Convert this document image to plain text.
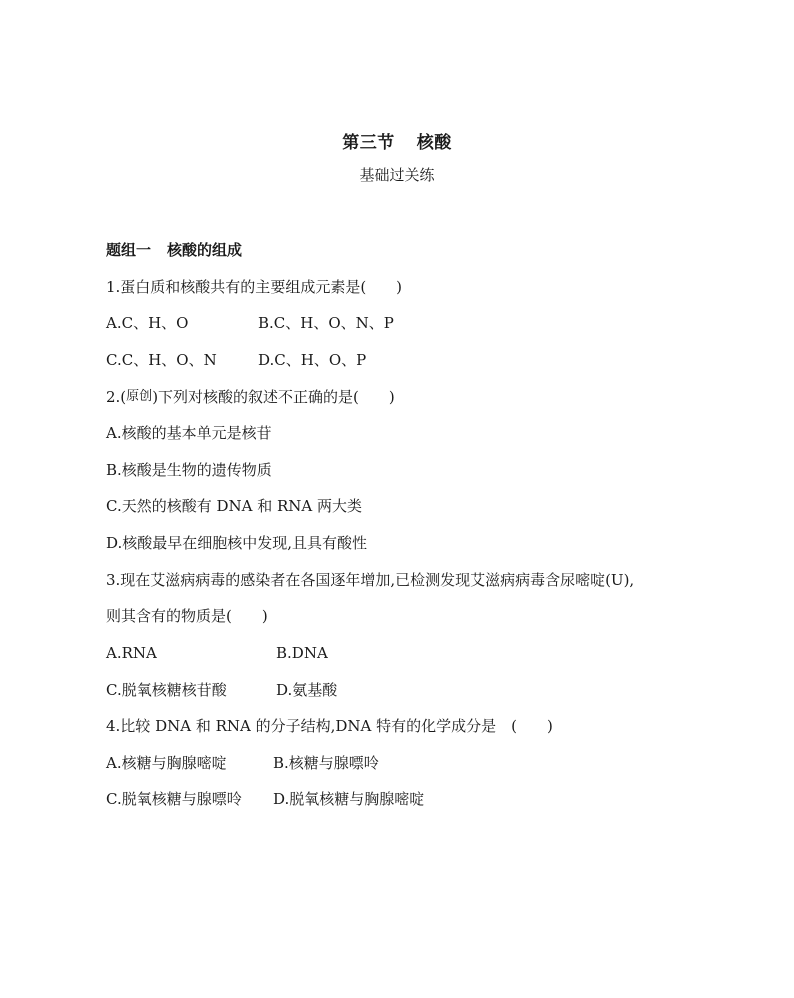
第三节 核酸
基础过关练
题组一 核酸的组成
1.蛋白质和核酸共有的主要组成元素是(　　)
A.C、H、O	B.C、H、O、N、P
C.C、H、O、N	D.C、H、O、P
2.(原创)下列对核酸的叙述不正确的是(　　)
A.核酸的基本单元是核苷
B.核酸是生物的遗传物质
C.天然的核酸有 DNA 和 RNA 两大类
D.核酸最早在细胞核中发现,且具有酸性
3.现在艾滋病病毒的感染者在各国逐年增加,已检测发现艾滋病病毒含尿嘧啶(U),
则其含有的物质是(　　)
A.RNA	B.DNA
C.脱氧核糖核苷酸	D.氨基酸
4.比较 DNA 和 RNA 的分子结构,DNA 特有的化学成分是　(　　)
A.核糖与胸腺嘧啶	B.核糖与腺嘌呤
C.脱氧核糖与腺嘌呤 D.脱氧核糖与胸腺嘧啶
